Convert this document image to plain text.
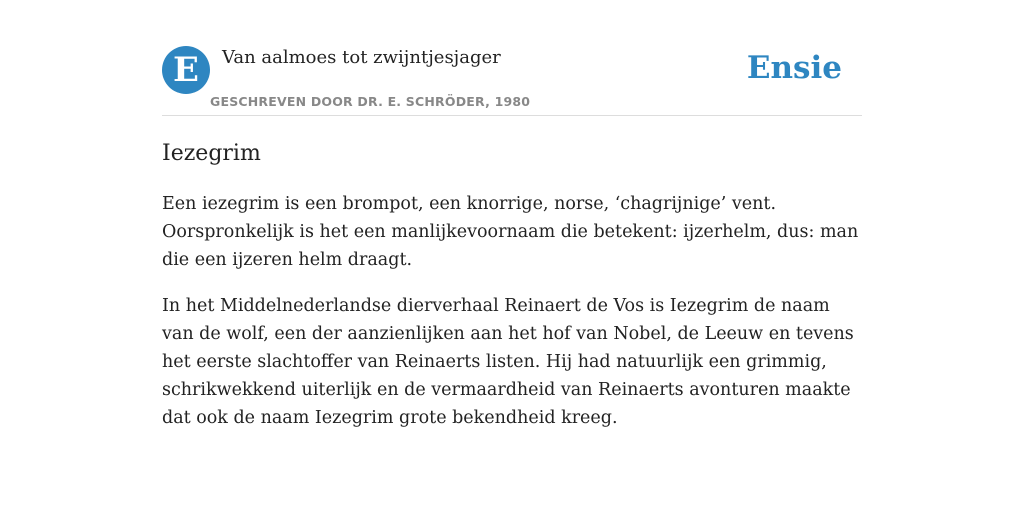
E	Van aalmoes tot zwijntjesjager
GESCHREVEN DOOR DR. E. SCHRÖDER, 1980
Ensie
Iezegrim

Een iezegrim is een brompot, een knorrige, norse, ‘chagrijnige’ vent. Oorspronkelijk is het een manlijkevoornaam die betekent: ijzerhelm, dus: man die een ijzeren helm draagt.

In het Middelnederlandse dierverhaal Reinaert de Vos is Iezegrim de naam van de wolf, een der aanzienlijken aan het hof van Nobel, de Leeuw en tevens het eerste slachtoffer van Reinaerts listen. Hij had natuurlijk een grimmig, schrikwekkend uiterlijk en de vermaardheid van Reinaerts avonturen maakte dat ook de naam Iezegrim grote bekendheid kreeg.
